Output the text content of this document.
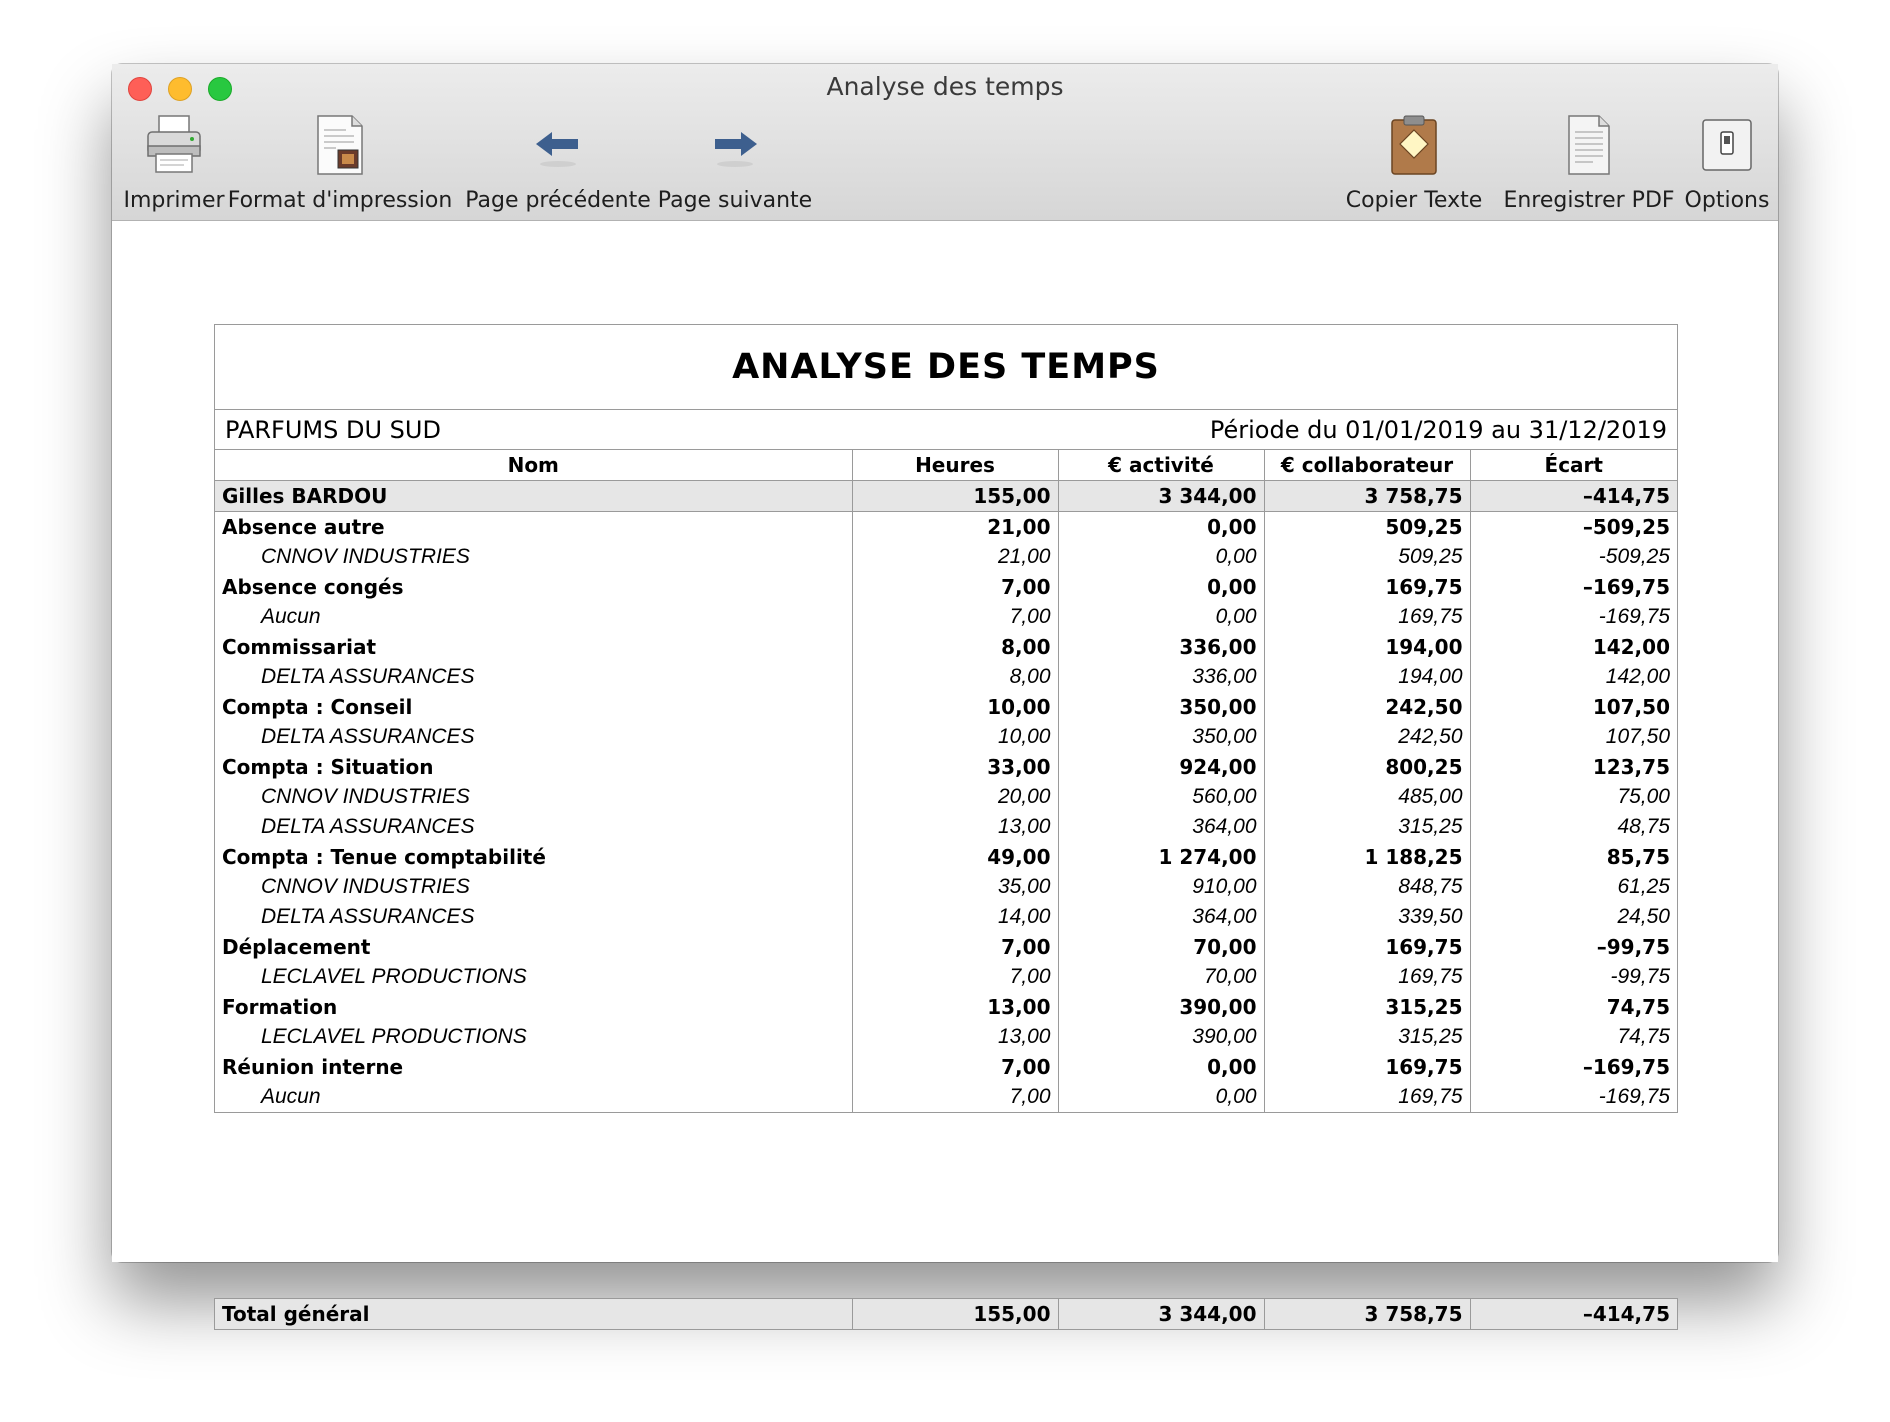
Analyse des temps
Imprimer Format d'impression Page précédente Page suivante	Copier Texte Enregistrer PDF Options
ANALYSE DES TEMPS
PARFUMS DU SUD	Période du 01/01/2019 au 31/12/2019
Nom	Heures	€ activité	€ collaborateur	Écart
Gilles BARDOU	155,00	3 344,00	3 758,75	–414,75
Absence autre	21,00	0,00	509,25	–509,25
CNNOV INDUSTRIES	21,00	0,00	509,25	-509,25
Absence congés	7,00	0,00	169,75	–169,75
Aucun	7,00	0,00	169,75	-169,75
Commissariat	8,00	336,00	194,00	142,00
DELTA ASSURANCES	8,00	336,00	194,00	142,00
Compta : Conseil	10,00	350,00	242,50	107,50
DELTA ASSURANCES	10,00	350,00	242,50	107,50
Compta : Situation	33,00	924,00	800,25	123,75
CNNOV INDUSTRIES	20,00	560,00	485,00	75,00
DELTA ASSURANCES	13,00	364,00	315,25	48,75
Compta : Tenue comptabilité	49,00	1 274,00	1 188,25	85,75
CNNOV INDUSTRIES	35,00	910,00	848,75	61,25
DELTA ASSURANCES	14,00	364,00	339,50	24,50
Déplacement	7,00	70,00	169,75	–99,75
LECLAVEL PRODUCTIONS	7,00	70,00	169,75	-99,75
Formation	13,00	390,00	315,25	74,75
LECLAVEL PRODUCTIONS	13,00	390,00	315,25	74,75
Réunion interne	7,00	0,00	169,75	–169,75
Aucun	7,00	0,00	169,75	-169,75
Total général	155,00	3 344,00	3 758,75	–414,75
